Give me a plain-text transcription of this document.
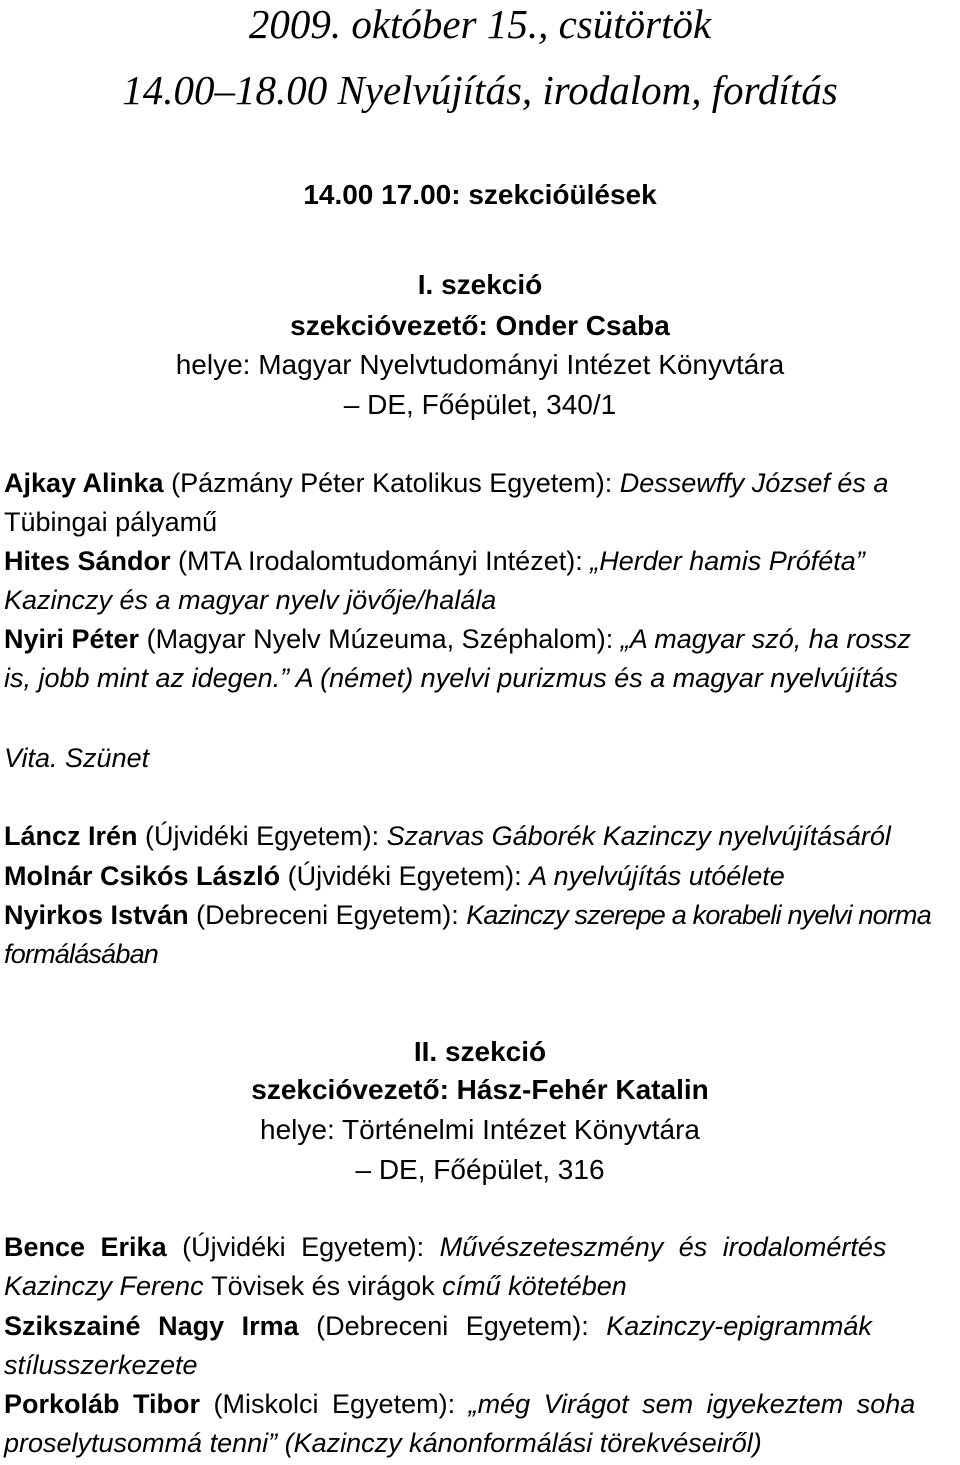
2009. október 15., csütörtök
14.00–18.00 Nyelvújítás, irodalom, fordítás
14.00 17.00: szekcióülések
I. szekció
szekcióvezető: Onder Csaba
helye: Magyar Nyelvtudományi Intézet Könyvtára
– DE, Főépület, 340/1
Ajkay Alinka (Pázmány Péter Katolikus Egyetem): Dessewffy József és a
Tübingai pályamű
Hites Sándor (MTA Irodalomtudományi Intézet): „Herder hamis Próféta”
Kazinczy és a magyar nyelv jövője/halála
Nyiri Péter (Magyar Nyelv Múzeuma, Széphalom): „A magyar szó, ha rossz
is, jobb mint az idegen.” A (német) nyelvi purizmus és a magyar nyelvújítás
Vita. Szünet
Láncz Irén (Újvidéki Egyetem): Szarvas Gáborék Kazinczy nyelvújításáról
Molnár Csikós László (Újvidéki Egyetem): A nyelvújítás utóélete
Nyirkos István (Debreceni Egyetem): Kazinczy szerepe a korabeli nyelvi norma
formálásában
II. szekció
szekcióvezető: Hász-Fehér Katalin
helye: Történelmi Intézet Könyvtára
– DE, Főépület, 316
Bence Erika (Újvidéki Egyetem): Művészeteszmény és irodalomértés
Kazinczy Ferenc Tövisek és virágok című kötetében
Szikszainé Nagy Irma (Debreceni Egyetem): Kazinczy-epigrammák
stílusszerkezete
Porkoláb Tibor (Miskolci Egyetem): „még Virágot sem igyekeztem soha
proselytusommá tenni” (Kazinczy kánonformálási törekvéseiről)
